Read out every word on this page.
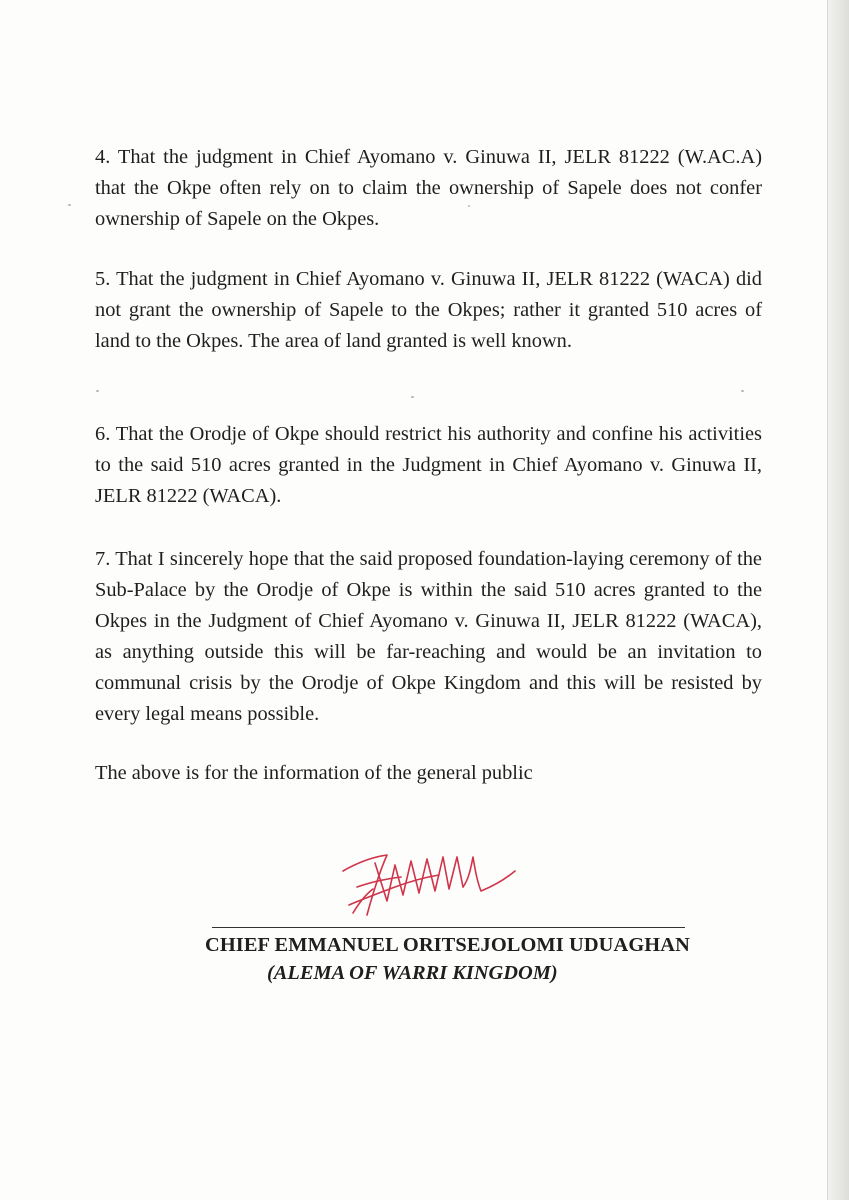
4. That the judgment in Chief Ayomano v. Ginuwa II, JELR 81222 (W.AC.A) that the Okpe often rely on to claim the ownership of Sapele does not confer ownership of Sapele on the Okpes.

5. That the judgment in Chief Ayomano v. Ginuwa II, JELR 81222 (WACA) did not grant the ownership of Sapele to the Okpes; rather it granted 510 acres of land to the Okpes. The area of land granted is well known.

6. That the Orodje of Okpe should restrict his authority and confine his activities to the said 510 acres granted in the Judgment in Chief Ayomano v. Ginuwa II, JELR 81222 (WACA).

7. That I sincerely hope that the said proposed foundation-laying ceremony of the Sub-Palace by the Orodje of Okpe is within the said 510 acres granted to the Okpes in the Judgment of Chief Ayomano v. Ginuwa II, JELR 81222 (WACA), as anything outside this will be far-reaching and would be an invitation to communal crisis by the Orodje of Okpe Kingdom and this will be resisted by every legal means possible.

The above is for the information of the general public

CHIEF EMMANUEL ORITSEJOLOMI UDUAGHAN

(ALEMA OF WARRI KINGDOM)
